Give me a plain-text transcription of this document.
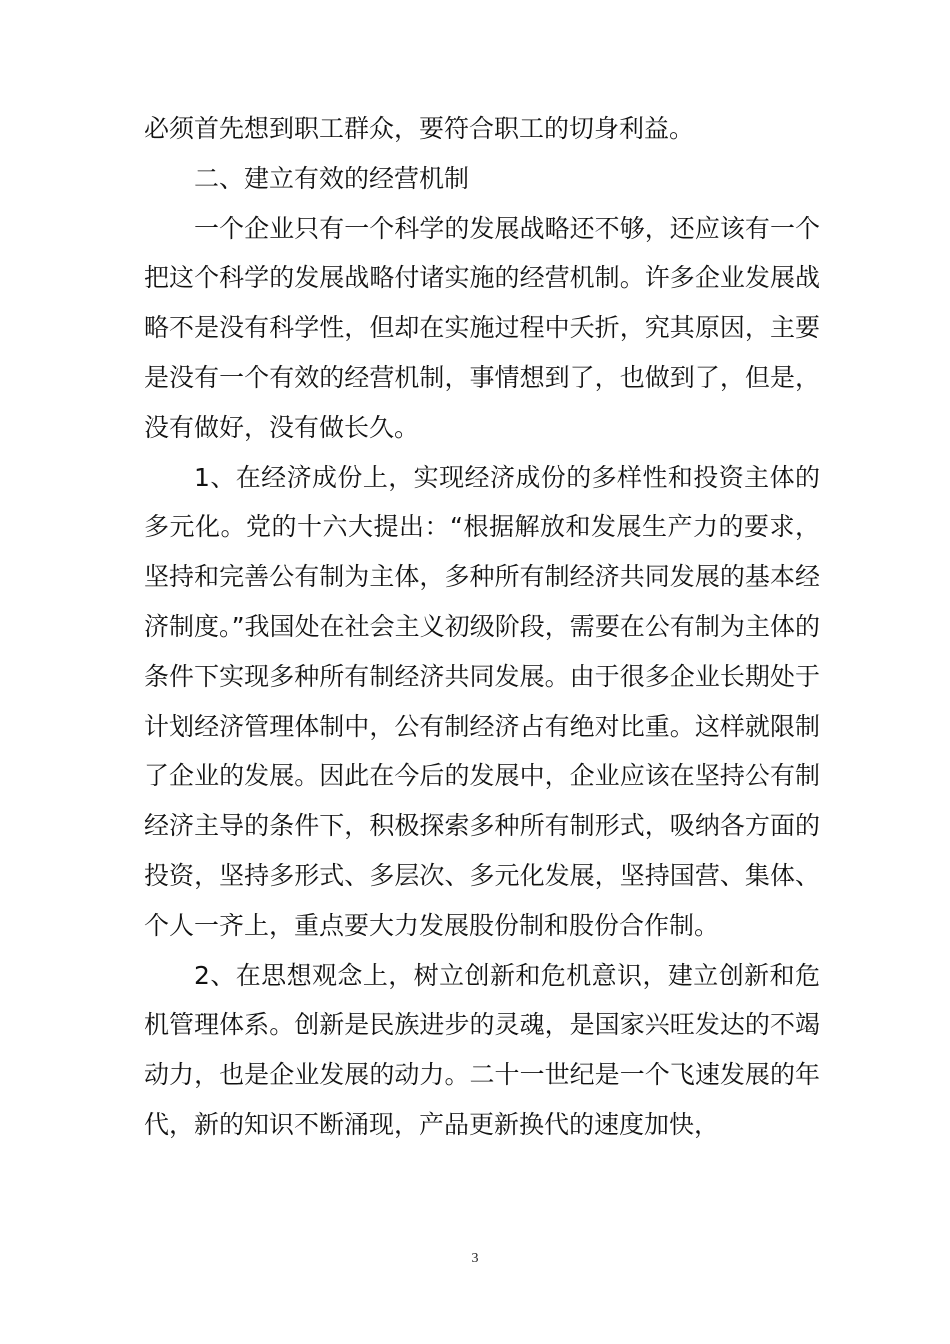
必须首先想到职工群众，要符合职工的切身利益。

二、建立有效的经营机制

一个企业只有一个科学的发展战略还不够，还应该有一个把这个科学的发展战略付诸实施的经营机制。许多企业发展战略不是没有科学性，但却在实施过程中夭折，究其原因，主要是没有一个有效的经营机制，事情想到了，也做到了，但是，没有做好，没有做长久。

1、在经济成份上，实现经济成份的多样性和投资主体的多元化。党的十六大提出：“根据解放和发展生产力的要求，坚持和完善公有制为主体，多种所有制经济共同发展的基本经济制度。”我国处在社会主义初级阶段，需要在公有制为主体的条件下实现多种所有制经济共同发展。由于很多企业长期处于计划经济管理体制中，公有制经济占有绝对比重。这样就限制了企业的发展。因此在今后的发展中，企业应该在坚持公有制经济主导的条件下，积极探索多种所有制形式，吸纳各方面的投资，坚持多形式、多层次、多元化发展，坚持国营、集体、个人一齐上，重点要大力发展股份制和股份合作制。

2、在思想观念上，树立创新和危机意识，建立创新和危机管理体系。创新是民族进步的灵魂，是国家兴旺发达的不竭动力，也是企业发展的动力。二十一世纪是一个飞速发展的年代，新的知识不断涌现，产品更新换代的速度加快，

3
